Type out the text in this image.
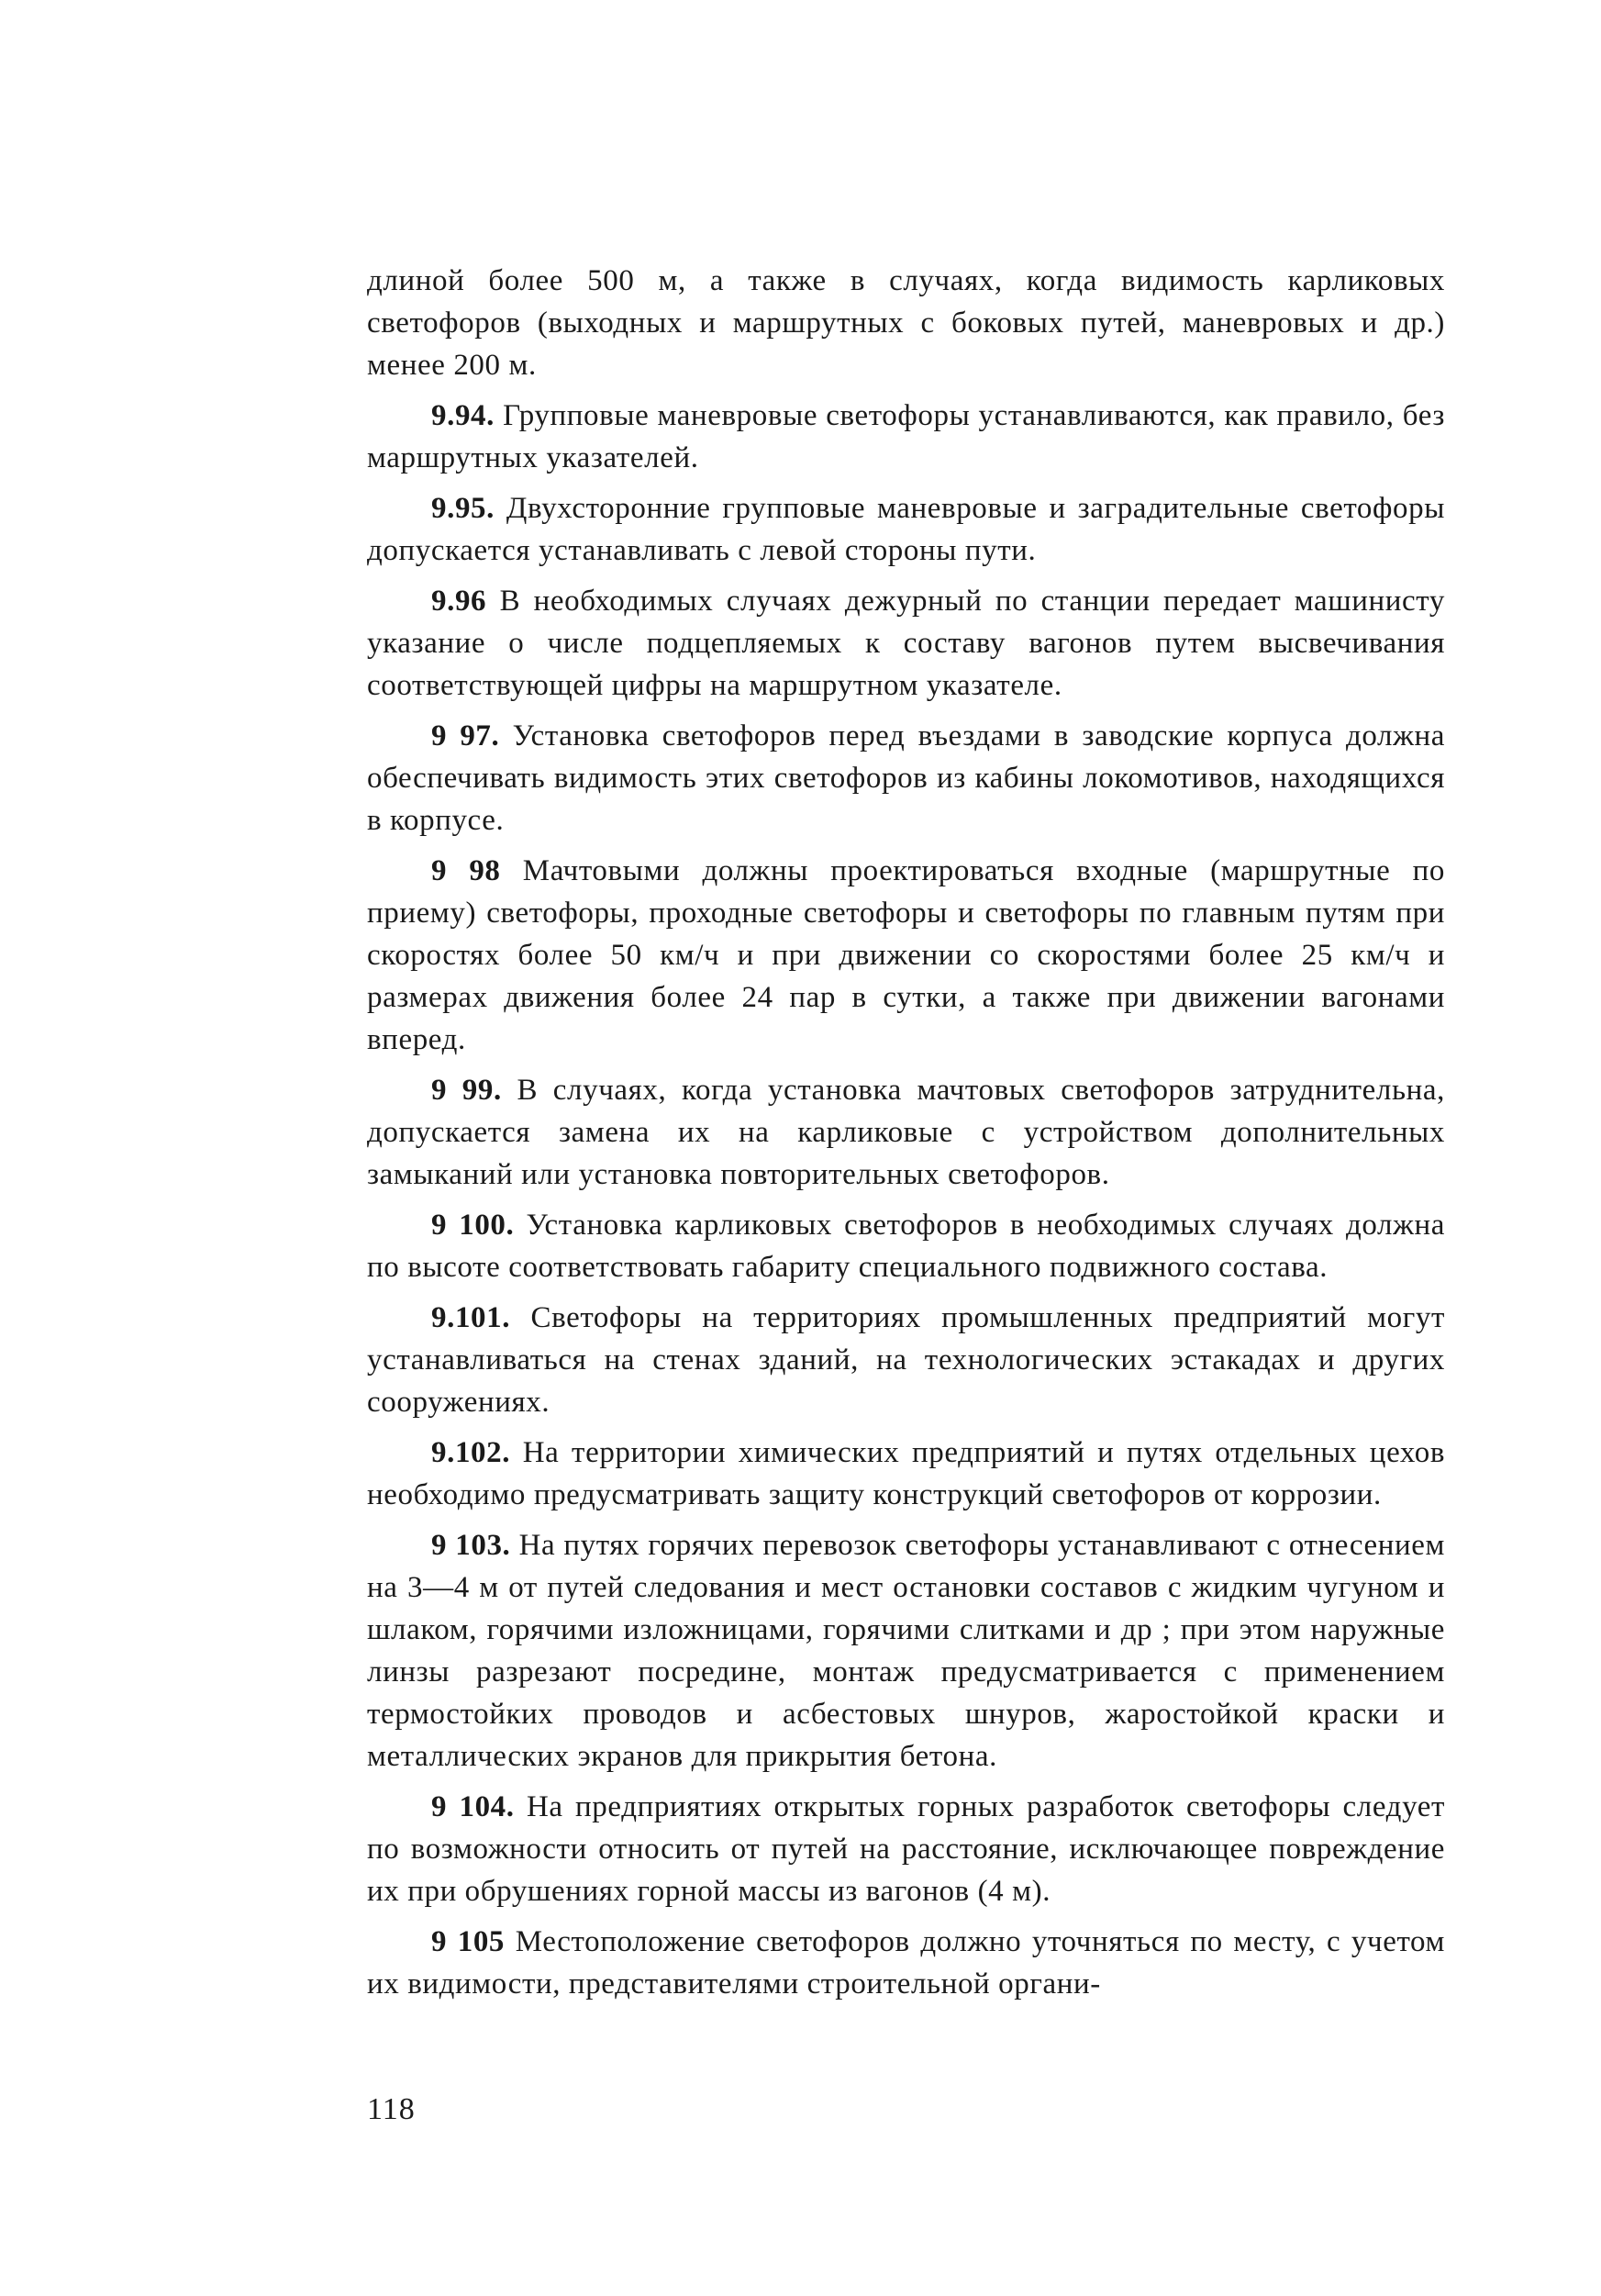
длиной более 500 м, а также в случаях, когда видимость карликовых светофоров (выходных и маршрутных с боковых путей, маневровых и др.) менее 200 м.

9.94. Групповые маневровые светофоры устанавливаются, как правило, без маршрутных указателей.

9.95. Двухсторонние групповые маневровые и заградительные светофоры допускается устанавливать с левой стороны пути.

9.96 В необходимых случаях дежурный по станции передает машинисту указание о числе подцепляемых к составу вагонов путем высвечивания соответствующей цифры на маршрутном указателе.

9 97. Установка светофоров перед въездами в заводские корпуса должна обеспечивать видимость этих светофоров из кабины локомотивов, находящихся в корпусе.

9 98 Мачтовыми должны проектироваться входные (маршрутные по приему) светофоры, проходные светофоры и светофоры по главным путям при скоростях более 50 км/ч и при движении со скоростями более 25 км/ч и размерах движения более 24 пар в сутки, а также при движении вагонами вперед.

9 99. В случаях, когда установка мачтовых светофоров затруднительна, допускается замена их на карликовые с устройством дополнительных замыканий или установка повторительных светофоров.

9 100. Установка карликовых светофоров в необходимых случаях должна по высоте соответствовать габариту специального подвижного состава.

9.101. Светофоры на территориях промышленных предприятий могут устанавливаться на стенах зданий, на технологических эстакадах и других сооружениях.

9.102. На территории химических предприятий и путях отдельных цехов необходимо предусматривать защиту конструкций светофоров от коррозии.

9 103. На путях горячих перевозок светофоры устанавливают с отнесением на 3—4 м от путей следования и мест остановки составов с жидким чугуном и шлаком, горячими изложницами, горячими слитками и др ; при этом наружные линзы разрезают посредине, монтаж предусматривается с применением термостойких проводов и асбестовых шнуров, жаростойкой краски и металлических экранов для прикрытия бетона.

9 104. На предприятиях открытых горных разработок светофоры следует по возможности относить от путей на расстояние, исключающее повреждение их при обрушениях горной массы из вагонов (4 м).

9 105 Местоположение светофоров должно уточняться по месту, с учетом их видимости, представителями строительной органи-

118
